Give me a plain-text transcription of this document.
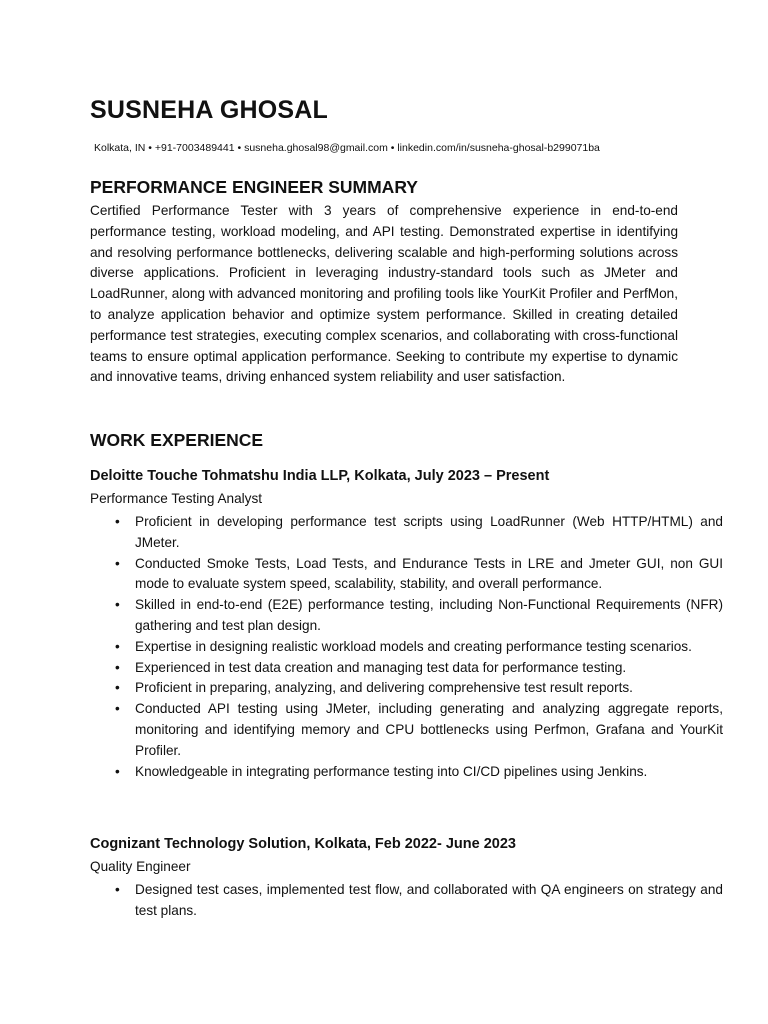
SUSNEHA GHOSAL
Kolkata, IN • +91-7003489441 • susneha.ghosal98@gmail.com • linkedin.com/in/susneha-ghosal-b299071ba
PERFORMANCE ENGINEER SUMMARY
Certified Performance Tester with 3 years of comprehensive experience in end-to-end performance testing, workload modeling, and API testing. Demonstrated expertise in identifying and resolving performance bottlenecks, delivering scalable and high-performing solutions across diverse applications. Proficient in leveraging industry-standard tools such as JMeter and LoadRunner, along with advanced monitoring and profiling tools like YourKit Profiler and PerfMon, to analyze application behavior and optimize system performance. Skilled in creating detailed performance test strategies, executing complex scenarios, and collaborating with cross-functional teams to ensure optimal application performance. Seeking to contribute my expertise to dynamic and innovative teams, driving enhanced system reliability and user satisfaction.
WORK EXPERIENCE
Deloitte Touche Tohmatshu India LLP, Kolkata, July 2023 – Present
Performance Testing Analyst
• Proficient in developing performance test scripts using LoadRunner (Web HTTP/HTML) and JMeter.
• Conducted Smoke Tests, Load Tests, and Endurance Tests in LRE and Jmeter GUI, non GUI mode to evaluate system speed, scalability, stability, and overall performance.
• Skilled in end-to-end (E2E) performance testing, including Non-Functional Requirements (NFR) gathering and test plan design.
• Expertise in designing realistic workload models and creating performance testing scenarios.
• Experienced in test data creation and managing test data for performance testing.
• Proficient in preparing, analyzing, and delivering comprehensive test result reports.
• Conducted API testing using JMeter, including generating and analyzing aggregate reports, monitoring and identifying memory and CPU bottlenecks using Perfmon, Grafana and YourKit Profiler.
• Knowledgeable in integrating performance testing into CI/CD pipelines using Jenkins.
Cognizant Technology Solution, Kolkata, Feb 2022- June 2023
Quality Engineer
• Designed test cases, implemented test flow, and collaborated with QA engineers on strategy and test plans.
